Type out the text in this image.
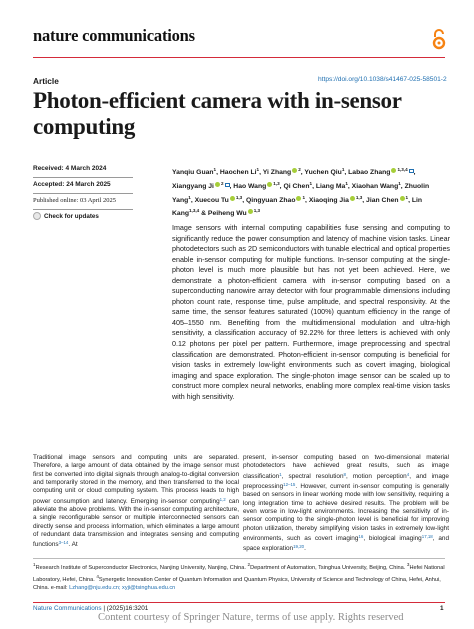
nature communications
Article	https://doi.org/10.1038/s41467-025-58501-2
Photon-efficient camera with in-sensor computing
Received: 4 March 2024
Accepted: 24 March 2025
Published online: 03 April 2025
Check for updates
Yanqiu Guan$^1$, Haochen Li$^1$, Yi Zhang $^2$, Yuchen Qiu$^1$, Labao Zhang $^{1,3,4}$ , Xiangyang Ji $^2$ , Hao Wang $^{1,3}$, Qi Chen$^1$, Liang Ma$^1$, Xiaohan Wang$^1$, Zhuolin Yang$^1$, Xuecou Tu $^{1,3}$, Qingyuan Zhao $^1$, Xiaoqing Jia $^{1,3}$, Jian Chen $^1$, Lin Kang$^{1,3,4}$ & Peiheng Wu $^{1,3}$
Image sensors with internal computing capabilities fuse sensing and computing to significantly reduce the power consumption and latency of machine vision tasks. Linear photodetectors such as 2D semiconductors with tunable electrical and optical properties enable in-sensor computing for multiple functions. In-sensor computing at the single-photon level is much more plausible but has not yet been achieved. Here, we demonstrate a photon-efficient camera with in-sensor computing based on a superconducting nanowire array detector with four programmable dimensions including photon count rate, response time, pulse amplitude, and spectral responsivity. At the same time, the sensor features saturated (100%) quantum efficiency in the range of 405–1550 nm. Benefiting from the multidimensional modulation and ultra-high sensitivity, a classification accuracy of 92.22% for three letters is achieved with only 0.12 photons per pixel per pattern. Furthermore, image preprocessing and spectral classification are demonstrated. Photon-efficient in-sensor computing is beneficial for vision tasks in extremely low-light environments such as covert imaging, biological imaging and space exploration. The single-photon image sensor can be scaled up to construct more complex neural networks, enabling more complex real-time vision tasks with high sensitivity.
Traditional image sensors and computing units are separated. Therefore, a large amount of data obtained by the image sensor must first be converted into digital signals through analog-to-digital conversion and temporarily stored in the memory, and then transferred to the local computing unit or cloud computing system. This process leads to high power consumption and latency. Emerging in-sensor computing$^{1,2}$ can alleviate the above problems. With the in-sensor computing architecture, a single reconfigurable sensor or multiple interconnected sensors can directly sense and process information, which eliminates a large amount of redundant data transmission and integrates sensing and computing functions$^{3-14}$. At
present, in-sensor computing based on two-dimensional material photodetectors have achieved great results, such as image classification$^1$, spectral resolution$^8$, motion perception$^4$, and image preprocessing$^{12-15}$. However, current in-sensor computing is generally based on sensors in linear working mode with low sensitivity, requiring a long integration time to achieve desired results. The problem will be even worse in low-light environments. Increasing the sensitivity of in-sensor computing to the single-photon level is beneficial for improving photon utilization, thereby simplifying vision tasks in extremely low-light environments, such as covert imaging$^{16}$, biological imaging$^{17,18}$, and space exploration$^{19,20}$.
$^1$Research Institute of Superconductor Electronics, Nanjing University, Nanjing, China. $^2$Department of Automation, Tsinghua University, Beijing, China. $^3$Hefei National Laboratory, Hefei, China. $^4$Synergetic Innovation Center of Quantum Information and Quantum Physics, University of Science and Technology of China, Hefei, Anhui, China. e-mail: Lzhang@nju.edu.cn; xyji@tsinghua.edu.cn
Nature Communications | (2025)16:3201	1
Content courtesy of Springer Nature, terms of use apply. Rights reserved
